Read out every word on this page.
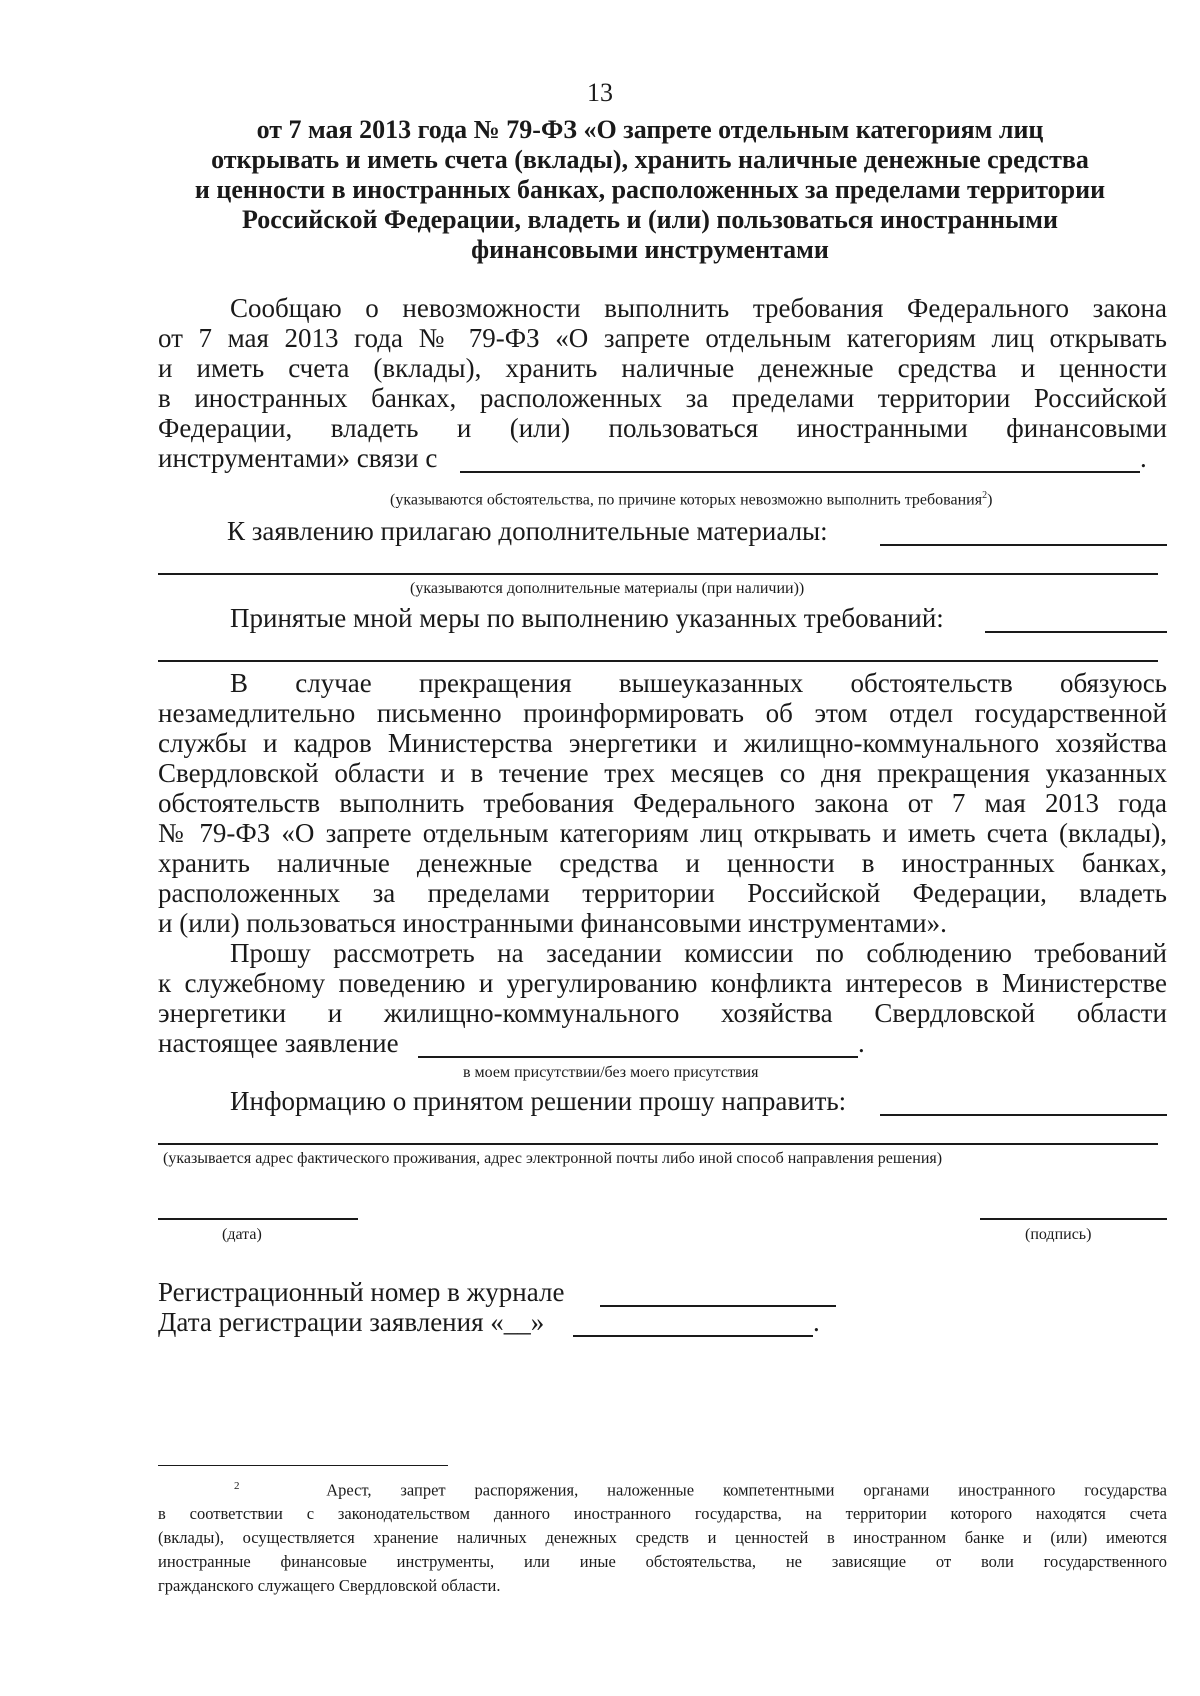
13
от 7 мая 2013 года № 79-ФЗ «О запрете отдельным категориям лиц
открывать и иметь счета (вклады), хранить наличные денежные средства
и ценности в иностранных банках, расположенных за пределами территории
Российской Федерации, владеть и (или) пользоваться иностранными
финансовыми инструментами
Сообщаю о невозможности выполнить требования Федерального закона
от 7 мая 2013 года № 79-ФЗ «О запрете отдельным категориям лиц открывать
и иметь счета (вклады), хранить наличные денежные средства и ценности
в иностранных банках, расположенных за пределами территории Российской
Федерации, владеть и (или) пользоваться иностранными финансовыми
инструментами» связи с	.
(указываются обстоятельства, по причине которых невозможно выполнить требования$^2$)
К заявлению прилагаю дополнительные материалы:
(указываются дополнительные материалы (при наличии))
Принятые мной меры по выполнению указанных требований:
В случае прекращения вышеуказанных обстоятельств обязуюсь
незамедлительно письменно проинформировать об этом отдел государственной
службы и кадров Министерства энергетики и жилищно-коммунального хозяйства
Свердловской области и в течение трех месяцев со дня прекращения указанных
обстоятельств выполнить требования Федерального закона от 7 мая 2013 года
№ 79-ФЗ «О запрете отдельным категориям лиц открывать и иметь счета (вклады),
хранить наличные денежные средства и ценности в иностранных банках,
расположенных за пределами территории Российской Федерации, владеть
и (или) пользоваться иностранными финансовыми инструментами».
Прошу рассмотреть на заседании комиссии по соблюдению требований
к служебному поведению и урегулированию конфликта интересов в Министерстве
энергетики и жилищно-коммунального хозяйства Свердловской области
настоящее заявление	.
в моем присутствии/без моего присутствия
Информацию о принятом решении прошу направить:
(указывается адрес фактического проживания, адрес электронной почты либо иной способ направления решения)
(дата)	(подпись)
Регистрационный номер в журнале
Дата регистрации заявления «__»	.
$^2$	Арест, запрет распоряжения, наложенные компетентными органами иностранного государства
в соответствии с законодательством данного иностранного государства, на территории которого находятся счета
(вклады), осуществляется хранение наличных денежных средств и ценностей в иностранном банке и (или) имеются
иностранные финансовые инструменты, или иные обстоятельства, не зависящие от воли государственного
гражданского служащего Свердловской области.
